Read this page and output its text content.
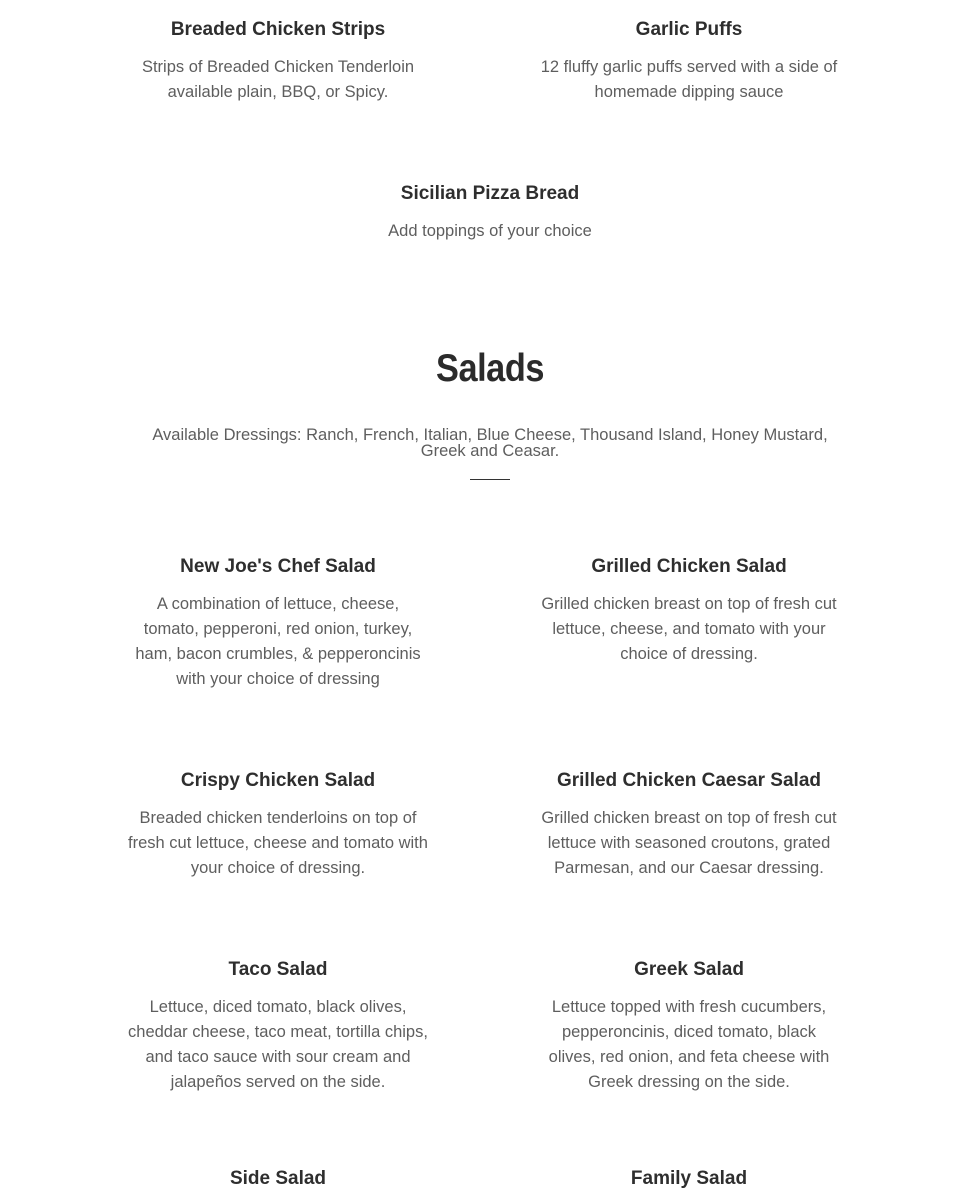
Breaded Chicken Strips
Strips of Breaded Chicken Tenderloin available plain, BBQ, or Spicy.
Garlic Puffs
12 fluffy garlic puffs served with a side of homemade dipping sauce
Sicilian Pizza Bread
Add toppings of your choice
Salads

Available Dressings: Ranch, French, Italian, Blue Cheese, Thousand Island, Honey Mustard, Greek and Ceasar.

New Joe's Chef Salad
A combination of lettuce, cheese, tomato, pepperoni, red onion, turkey, ham, bacon crumbles, & pepperoncinis with your choice of dressing
Grilled Chicken Salad
Grilled chicken breast on top of fresh cut lettuce, cheese, and tomato with your choice of dressing.
Crispy Chicken Salad
Breaded chicken tenderloins on top of fresh cut lettuce, cheese and tomato with your choice of dressing.
Grilled Chicken Caesar Salad
Grilled chicken breast on top of fresh cut lettuce with seasoned croutons, grated Parmesan, and our Caesar dressing.
Taco Salad
Lettuce, diced tomato, black olives, cheddar cheese, taco meat, tortilla chips, and taco sauce with sour cream and jalapeños served on the side.
Greek Salad
Lettuce topped with fresh cucumbers, pepperoncinis, diced tomato, black olives, red onion, and feta cheese with Greek dressing on the side.
Side Salad	Family Salad
